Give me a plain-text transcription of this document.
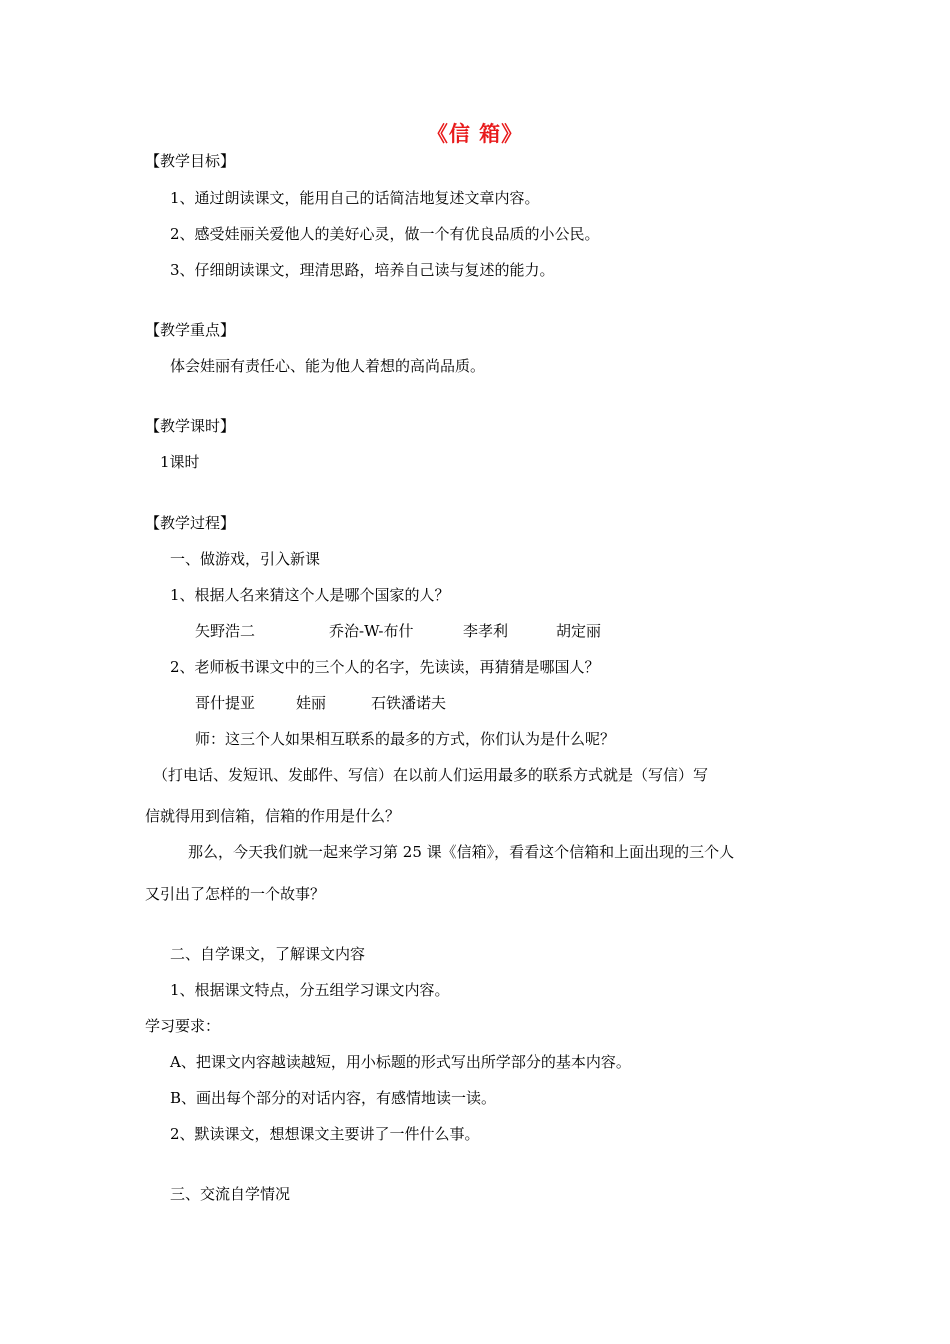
《信 箱》
【教学目标】
1、通过朗读课文，能用自己的话简洁地复述文章内容。
2、感受娃丽关爱他人的美好心灵，做一个有优良品质的小公民。
3、仔细朗读课文，理清思路，培养自己读与复述的能力。
【教学重点】
体会娃丽有责任心、能为他人着想的高尚品质。
【教学课时】
1课时
【教学过程】
一、做游戏，引入新课
1、根据人名来猜这个人是哪个国家的人？
矢野浩二	乔治-W-布什	李孝利	胡定丽
2、老师板书课文中的三个人的名字，先读读，再猜猜是哪国人？
哥什提亚	娃丽	石铁潘诺夫
师：这三个人如果相互联系的最多的方式，你们认为是什么呢？
（打电话、发短讯、发邮件、写信）在以前人们运用最多的联系方式就是（写信）写
信就得用到信箱，信箱的作用是什么？
那么，今天我们就一起来学习第 25 课《信箱》，看看这个信箱和上面出现的三个人
又引出了怎样的一个故事？
二、自学课文，了解课文内容
1、根据课文特点，分五组学习课文内容。
学习要求：
A、把课文内容越读越短，用小标题的形式写出所学部分的基本内容。
B、画出每个部分的对话内容，有感情地读一读。
2、默读课文，想想课文主要讲了一件什么事。
三、交流自学情况
